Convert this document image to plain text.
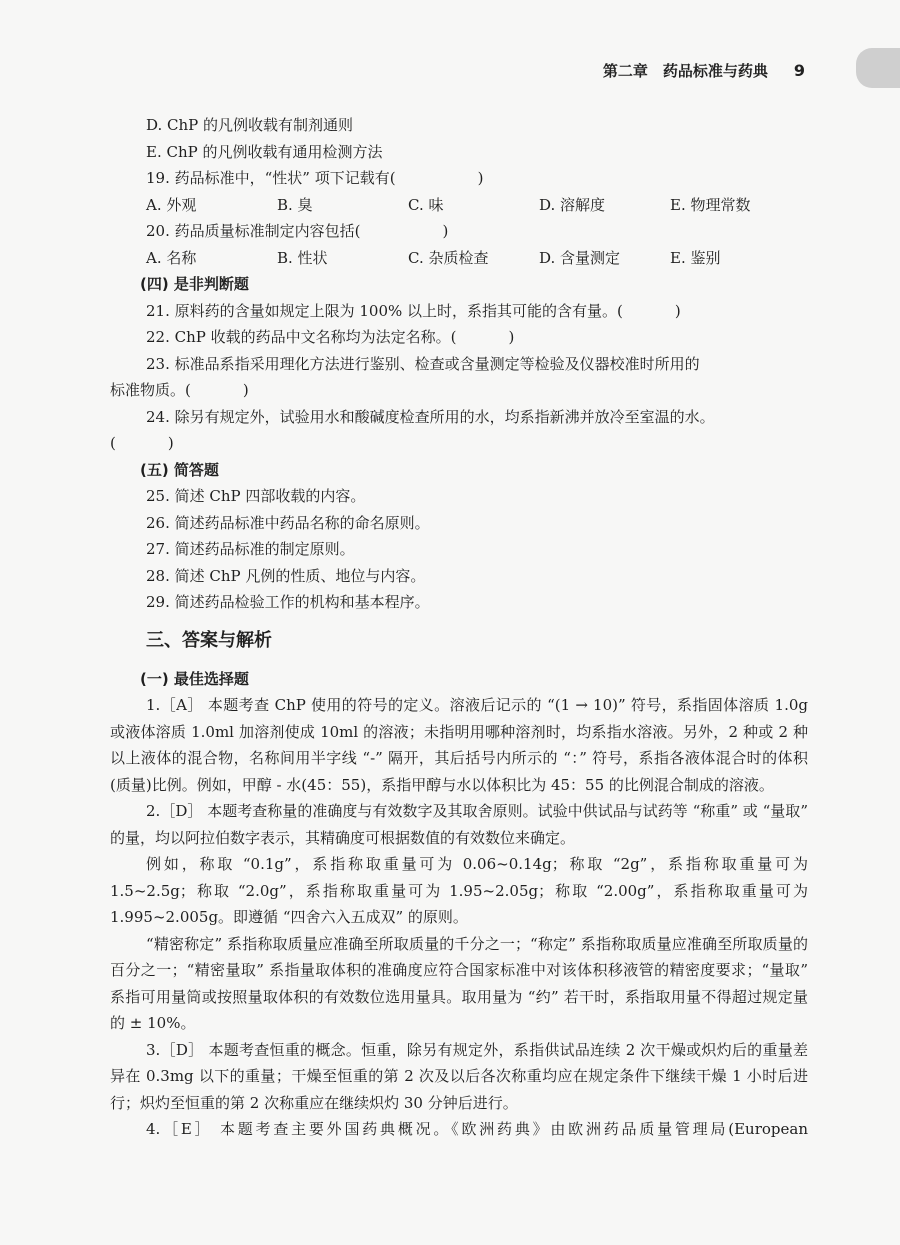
第二章　药品标准与药典 9

D. ChP 的凡例收载有制剂通则

E. ChP 的凡例收载有通用检测方法

19. 药品标准中，“性状” 项下记载有(	)

A. 外观	B. 臭	C. 味	D. 溶解度	E. 物理常数

20. 药品质量标准制定内容包括(	)

A. 名称	B. 性状	C. 杂质检查	D. 含量测定	E. 鉴别

(四) 是非判断题

21. 原料药的含量如规定上限为 100% 以上时，系指其可能的含有量。(	)

22. ChP 收载的药品中文名称均为法定名称。(	)

23. 标准品系指采用理化方法进行鉴别、检查或含量测定等检验及仪器校准时所用的

标准物质。(	)

24. 除另有规定外，试验用水和酸碱度检查所用的水，均系指新沸并放冷至室温的水。

(	)

(五) 简答题

25. 简述 ChP 四部收载的内容。

26. 简述药品标准中药品名称的命名原则。

27. 简述药品标准的制定原则。

28. 简述 ChP 凡例的性质、地位与内容。

29. 简述药品检验工作的机构和基本程序。

三、答案与解析

(一) 最佳选择题

1.［A］ 本题考查 ChP 使用的符号的定义。溶液后记示的 “(1 → 10)” 符号，系指固体溶质 1.0g 或液体溶质 1.0ml 加溶剂使成 10ml 的溶液；未指明用哪种溶剂时，均系指水溶液。另外，2 种或 2 种以上液体的混合物，名称间用半字线 “-” 隔开，其后括号内所示的 “：” 符号，系指各液体混合时的体积(质量)比例。例如，甲醇 - 水(45：55)，系指甲醇与水以体积比为 45：55 的比例混合制成的溶液。

2.［D］ 本题考查称量的准确度与有效数字及其取舍原则。试验中供试品与试药等 “称重” 或 “量取” 的量，均以阿拉伯数字表示，其精确度可根据数值的有效数位来确定。

例如，称取 “0.1g”，系指称取重量可为 0.06~0.14g；称取 “2g”，系指称取重量可为 1.5~2.5g；称取 “2.0g”，系指称取重量可为 1.95~2.05g；称取 “2.00g”，系指称取重量可为 1.995~2.005g。即遵循 “四舍六入五成双” 的原则。

“精密称定” 系指称取质量应准确至所取质量的千分之一；“称定” 系指称取质量应准确至所取质量的百分之一；“精密量取” 系指量取体积的准确度应符合国家标准中对该体积移液管的精密度要求；“量取” 系指可用量筒或按照量取体积的有效数位选用量具。取用量为 “约” 若干时，系指取用量不得超过规定量的 ± 10%。

3.［D］ 本题考查恒重的概念。恒重，除另有规定外，系指供试品连续 2 次干燥或炽灼后的重量差异在 0.3mg 以下的重量；干燥至恒重的第 2 次及以后各次称重均应在规定条件下继续干燥 1 小时后进行；炽灼至恒重的第 2 次称重应在继续炽灼 30 分钟后进行。

4.［E］ 本题考查主要外国药典概况。《欧洲药典》由欧洲药品质量管理局(European
